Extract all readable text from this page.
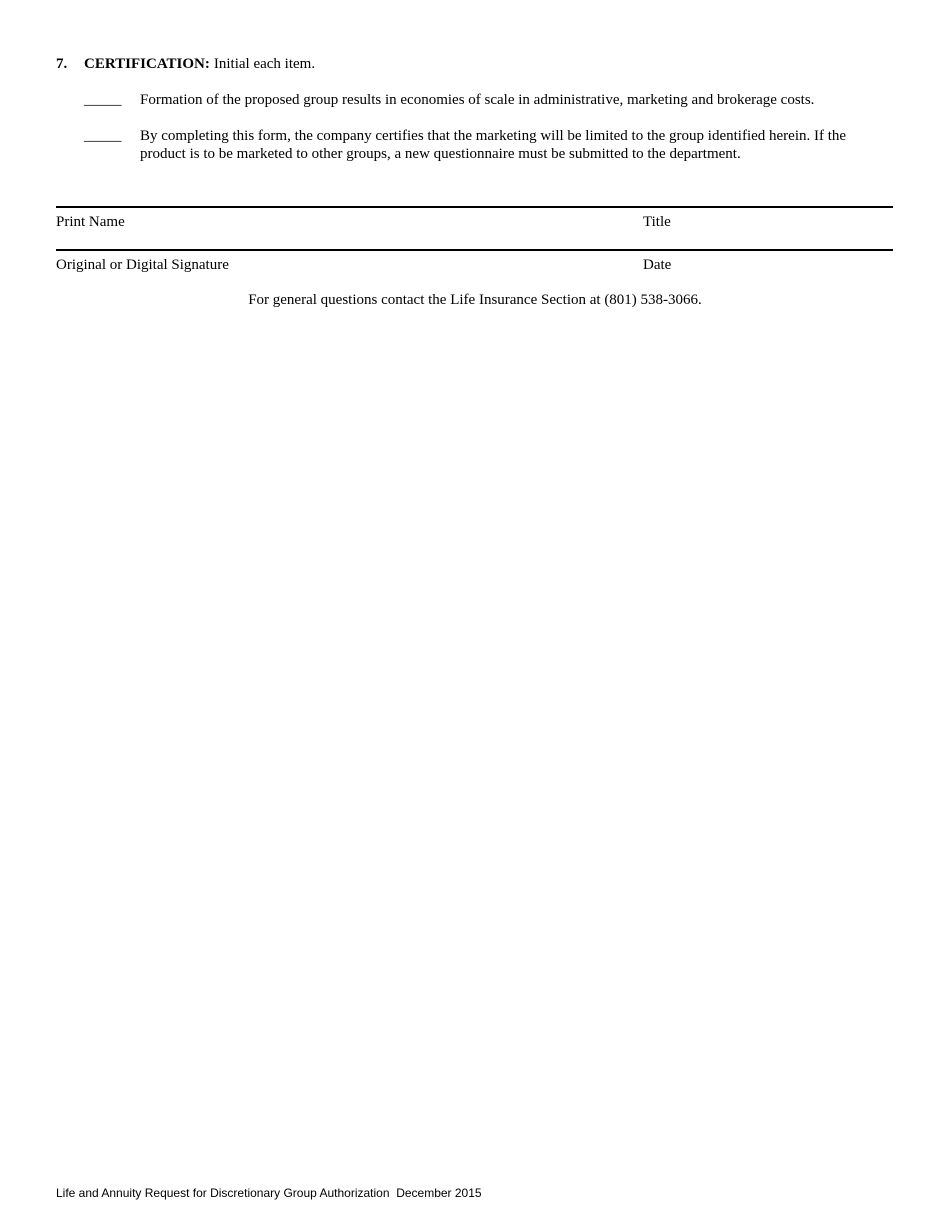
7. CERTIFICATION: Initial each item.
_____ Formation of the proposed group results in economies of scale in administrative, marketing and brokerage costs.
_____ By completing this form, the company certifies that the marketing will be limited to the group identified herein. If the product is to be marketed to other groups, a new questionnaire must be submitted to the department.
Print Name	Title
Original or Digital Signature	Date
For general questions contact the Life Insurance Section at (801) 538-3066.
Life and Annuity Request for Discretionary Group Authorization  December 2015
